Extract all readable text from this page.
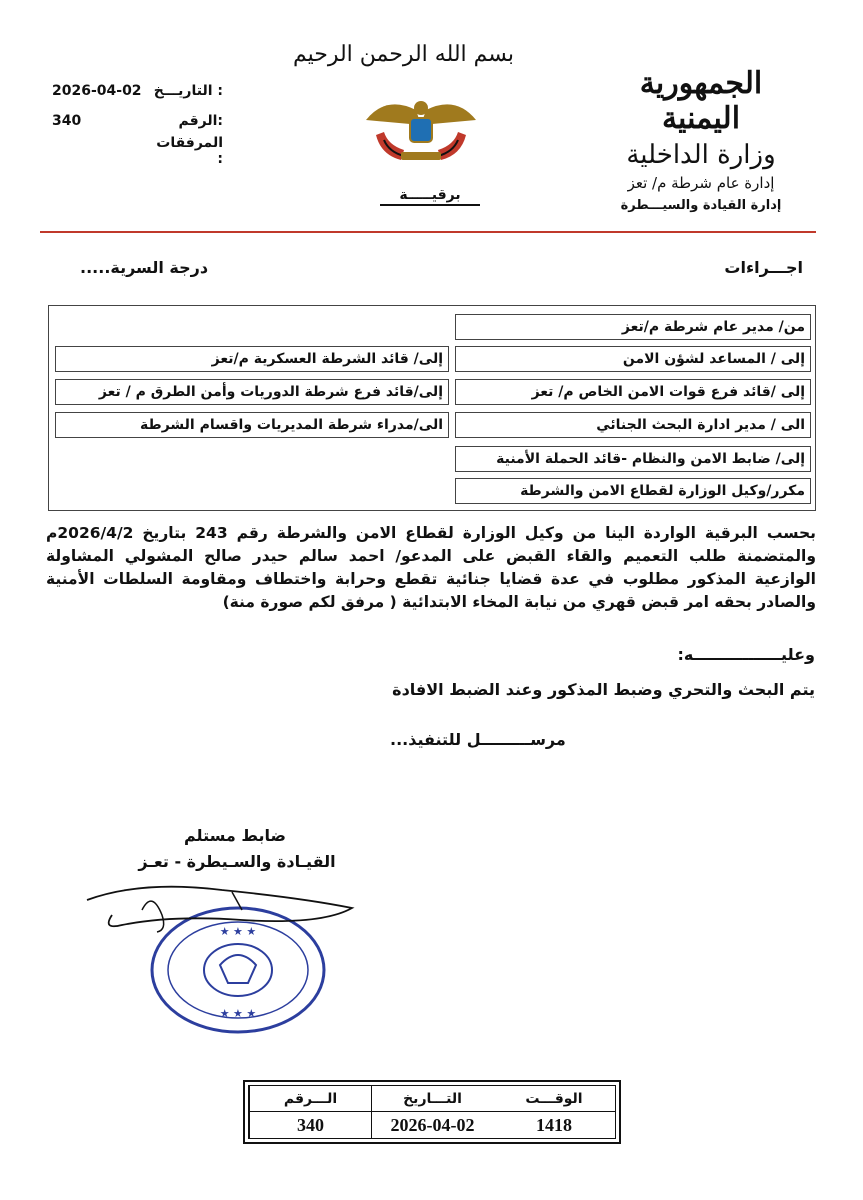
الجمهورية اليمنية
وزارة الداخلية
إدارة عام شرطة م/ تعز
إدارة القيادة والسيـــطرة
بسم الله الرحمن الرحيم
برقيـــــة
التاريـــخ :
2026-04-02
الرقم:
340
المرفقات :
اجـــراءات
درجة السرية.....
من/ مدير عام شرطة م/تعز
إلى / المساعد لشؤن الامن
إلى/ قائد الشرطة العسكرية م/تعز
إلى /قائد فرع قوات الامن الخاص م/ تعز
إلى/قائد فرع شرطة الدوريات وأمن الطرق م / تعز
الى / مدير ادارة البحث الجنائي
الى/مدراء شرطة المديريات واقسام الشرطة
إلى/ ضابط الامن والنظام -قائد الحملة الأمنية
مكرر/وكيل الوزارة لقطاع الامن والشرطة
بحسب البرقية الواردة الينا من وكيل الوزارة لقطاع الامن والشرطة رقم 243 بتاريخ 2026/4/2م والمتضمنة طلب التعميم والقاء القبض على المدعو/ احمد سالم حيدر صالح المشولي المشاولة الوازعية المذكور مطلوب في عدة قضايا جنائية تقطع وحرابة واختطاف ومقاومة السلطات الأمنية والصادر بحقه امر قبض قهري من نيابة المخاء الابتدائية ( مرفق لكم صورة منة)
وعليــــــــــــــــه:
يتم البحث والتحري وضبط المذكور وعند الضبط الافادة
مرســـــــــل للتنفيذ...
ضابط مستلم
القيـادة والسـيطرة - تعـز
★ ★ ★
★ ★ ★
الـــرقم	التـــاريخ	الوقـــت
340	2026-04-02	1418
